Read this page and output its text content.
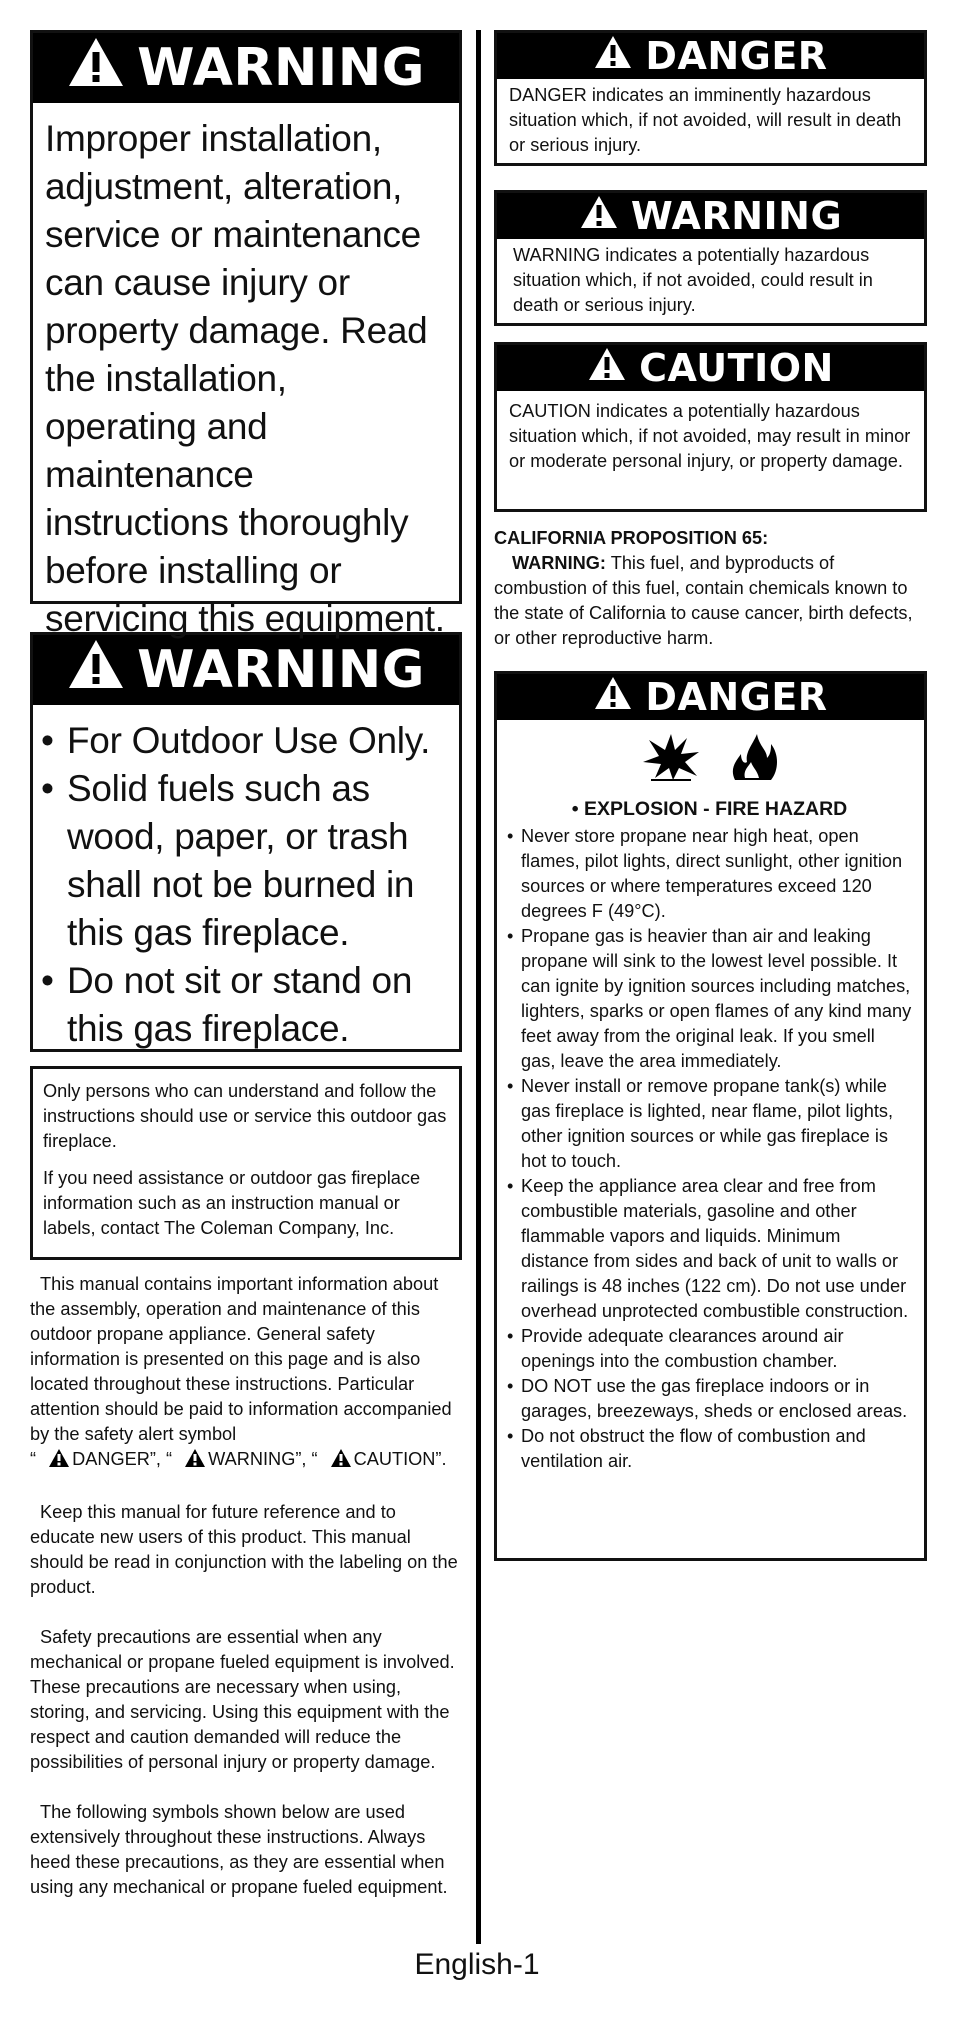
WARNING
Improper installation, adjustment, alteration, service or maintenance can cause injury or property damage. Read the installation, operating and maintenance instructions thoroughly before installing or servicing this equipment.
WARNING
• For Outdoor Use Only.
• Solid fuels such as wood, paper, or trash shall not be burned in this gas fireplace.
• Do not sit or stand on this gas fireplace.

Only persons who can understand and follow the instructions should use or service this outdoor gas fireplace.

If you need assistance or outdoor gas fireplace information such as an instruction manual or labels, contact The Coleman Company, Inc.

This manual contains important information about the assembly, operation and maintenance of this outdoor propane appliance. General safety information is presented on this page and is also located throughout these instructions. Particular attention should be paid to information accompanied by the safety alert symbol
“ DANGER”, “ WARNING”, “ CAUTION”.

Keep this manual for future reference and to educate new users of this product. This manual should be read in conjunction with the labeling on the product.

Safety precautions are essential when any mechanical or propane fueled equipment is involved. These precautions are necessary when using, storing, and servicing. Using this equipment with the respect and caution demanded will reduce the possibilities of personal injury or property damage.

The following symbols shown below are used extensively throughout these instructions. Always heed these precautions, as they are essential when using any mechanical or propane fueled equipment.

DANGER
DANGER indicates an imminently hazardous situation which, if not avoided, will result in death or serious injury.
WARNING
WARNING indicates a potentially hazardous situation which, if not avoided, could result in death or serious injury.
CAUTION
CAUTION indicates a potentially hazardous situation which, if not avoided, may result in minor or moderate personal injury, or property damage.
CALIFORNIA PROPOSITION 65:
WARNING: This fuel, and byproducts of combustion of this fuel, contain chemicals known to the state of California to cause cancer, birth defects, or other reproductive harm.
DANGER
• EXPLOSION - FIRE HAZARD
• Never store propane near high heat, open flames, pilot lights, direct sunlight, other ignition sources or where temperatures exceed 120 degrees F (49°C).
• Propane gas is heavier than air and leaking propane will sink to the lowest level possible. It can ignite by ignition sources including matches, lighters, sparks or open flames of any kind many feet away from the original leak. If you smell gas, leave the area immediately.
• Never install or remove propane tank(s) while gas fireplace is lighted, near flame, pilot lights, other ignition sources or while gas fireplace is hot to touch.
• Keep the appliance area clear and free from combustible materials, gasoline and other flammable vapors and liquids. Minimum distance from sides and back of unit to walls or railings is 48 inches (122 cm). Do not use under overhead unprotected combustible construction.
• Provide adequate clearances around air openings into the combustion chamber.
• DO NOT use the gas fireplace indoors or in garages, breezeways, sheds or enclosed areas.
• Do not obstruct the flow of combustion and ventilation air.
English-1
